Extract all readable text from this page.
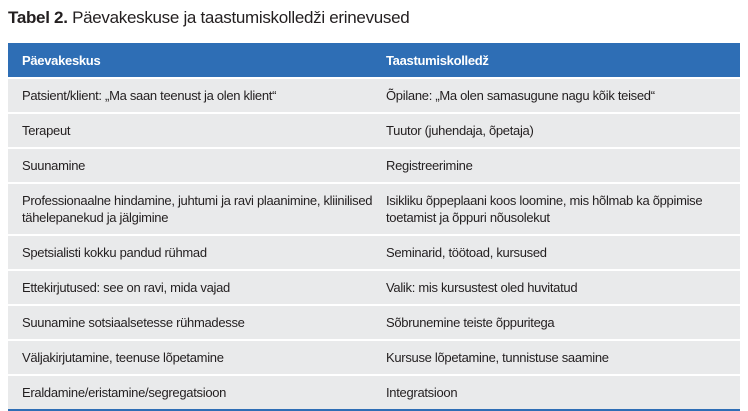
Tabel 2. Päevakeskuse ja taastumiskolledži erinevused
Päevakeskus	Taastumiskolledž
Patsient/klient: „Ma saan teenust ja olen klient“	Õpilane: „Ma olen samasugune nagu kõik teised“
Terapeut	Tuutor (juhendaja, õpetaja)
Suunamine	Registreerimine
Professionaalne hindamine, juhtumi ja ravi plaanimine, kliinilised tähelepanekud ja jälgimine	Isikliku õppeplaani koos loomine, mis hõlmab ka õppimise toetamist ja õppuri nõusolekut
Spetsialisti kokku pandud rühmad	Seminarid, töötoad, kursused
Ettekirjutused: see on ravi, mida vajad	Valik: mis kursustest oled huvitatud
Suunamine sotsiaalsetesse rühmadesse	Sõbrunemine teiste õppuritega
Väljakirjutamine, teenuse lõpetamine	Kursuse lõpetamine, tunnistuse saamine
Eraldamine/eristamine/segregatsioon	Integratsioon
